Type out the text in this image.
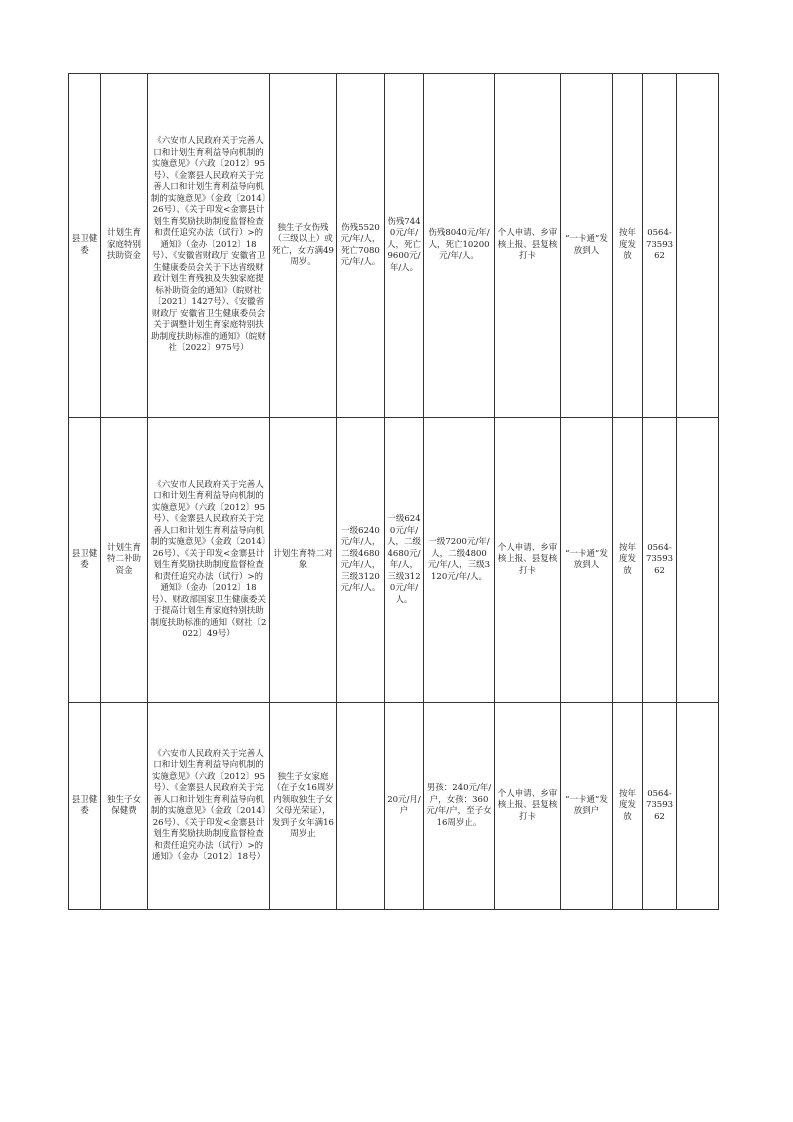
县卫健委	计划生育家庭特别扶助资金	《六安市人民政府关于完善人口和计划生育利益导向机制的实施意见》（六政〔2012〕95号）、《金寨县人民政府关于完善人口和计划生育利益导向机制的实施意见》（金政〔2014〕26号）、《关于印发<金寨县计划生育奖励扶助制度监督检查和责任追究办法（试行）>的通知》（金办〔2012〕18号）、《安徽省财政厅 安徽省卫生健康委员会关于下达省级财政计划生育残独及失独家庭提标补助资金的通知》（皖财社〔2021〕1427号）、《安徽省财政厅 安徽省卫生健康委员会关于调整计划生育家庭特别扶助制度扶助标准的通知》（皖财社〔2022〕975号）	独生子女伤残（三级以上）或死亡，女方满49周岁。	伤残5520元/年/人，死亡7080元/年/人。	伤残7440元/年/人，死亡9600元/年/人。	伤残8040元/年/人，死亡10200元/年/人。	个人申请、乡审核上报、县复核打卡	“一卡通”发放到人	按年度发放	0564-7359362	
县卫健委	计划生育特二补助资金	《六安市人民政府关于完善人口和计划生育利益导向机制的实施意见》（六政〔2012〕95号）、《金寨县人民政府关于完善人口和计划生育利益导向机制的实施意见》（金政〔2014〕26号）、《关于印发<金寨县计划生育奖励扶助制度监督检查和责任追究办法（试行）>的通知》（金办〔2012〕18号）、财政部国家卫生健康委关于提高计划生育家庭特别扶助制度扶助标准的通知（财社〔2022〕49号）	计划生育特二对象	一级6240元/年/人，二级4680元/年/人，三级3120元/年/人。	一级6240元/年/人，二级4680元/年/人，三级3120元/年/人。	一级7200元/年/人，二级4800元/年/人，三级3120元/年/人。	个人申请、乡审核上报、县复核打卡	“一卡通”发放到人	按年度发放	0564-7359362	
县卫健委	独生子女保健费	《六安市人民政府关于完善人口和计划生育利益导向机制的实施意见》（六政〔2012〕95号）、《金寨县人民政府关于完善人口和计划生育利益导向机制的实施意见》（金政〔2014〕26号）、《关于印发<金寨县计划生育奖励扶助制度监督检查和责任追究办法（试行）>的通知》（金办〔2012〕18号）	独生子女家庭（在子女16周岁内领取独生子女父母光荣证），发到子女年满16周岁止		20元/月/户	男孩：240元/年/户，女孩：360元/年/户，至子女16周岁止。	个人申请、乡审核上报、县复核打卡	“一卡通”发放到户	按年度发放	0564-7359362	
